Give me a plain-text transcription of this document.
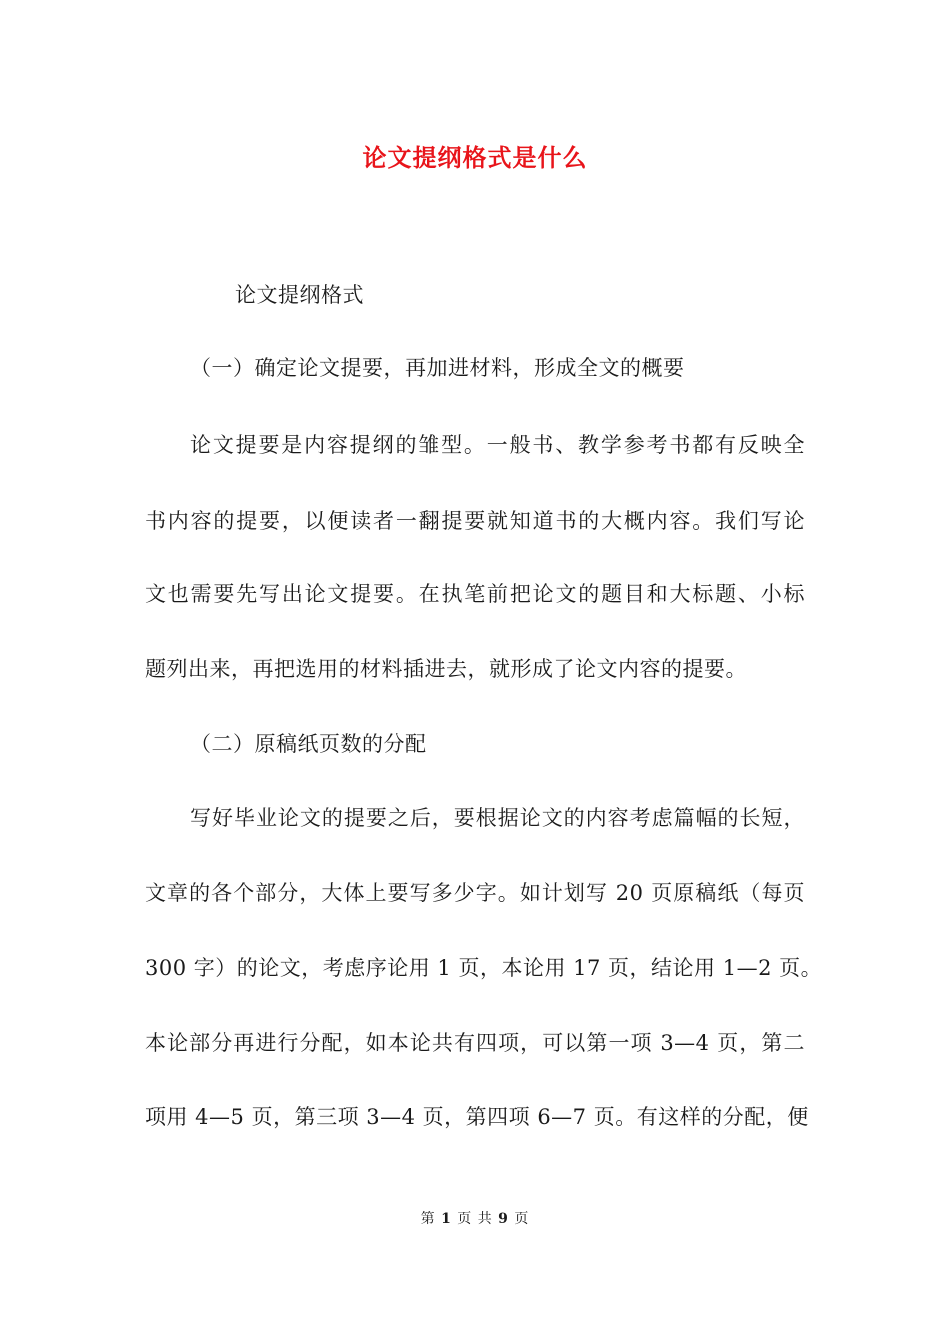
论文提纲格式是什么
论文提纲格式
（一）确定论文提要，再加进材料，形成全文的概要
论文提要是内容提纲的雏型。一般书、教学参考书都有反映全
书内容的提要，以便读者一翻提要就知道书的大概内容。我们写论
文也需要先写出论文提要。在执笔前把论文的题目和大标题、小标
题列出来，再把选用的材料插进去，就形成了论文内容的提要。
（二）原稿纸页数的分配
写好毕业论文的提要之后，要根据论文的内容考虑篇幅的长短，
文章的各个部分，大体上要写多少字。如计划写 20 页原稿纸（每页
300 字）的论文，考虑序论用 1 页，本论用 17 页，结论用 1—2 页。
本论部分再进行分配，如本论共有四项，可以第一项 3—4 页，第二
项用 4—5 页，第三项 3—4 页，第四项 6—7 页。有这样的分配，便
第 1 页 共 9 页
